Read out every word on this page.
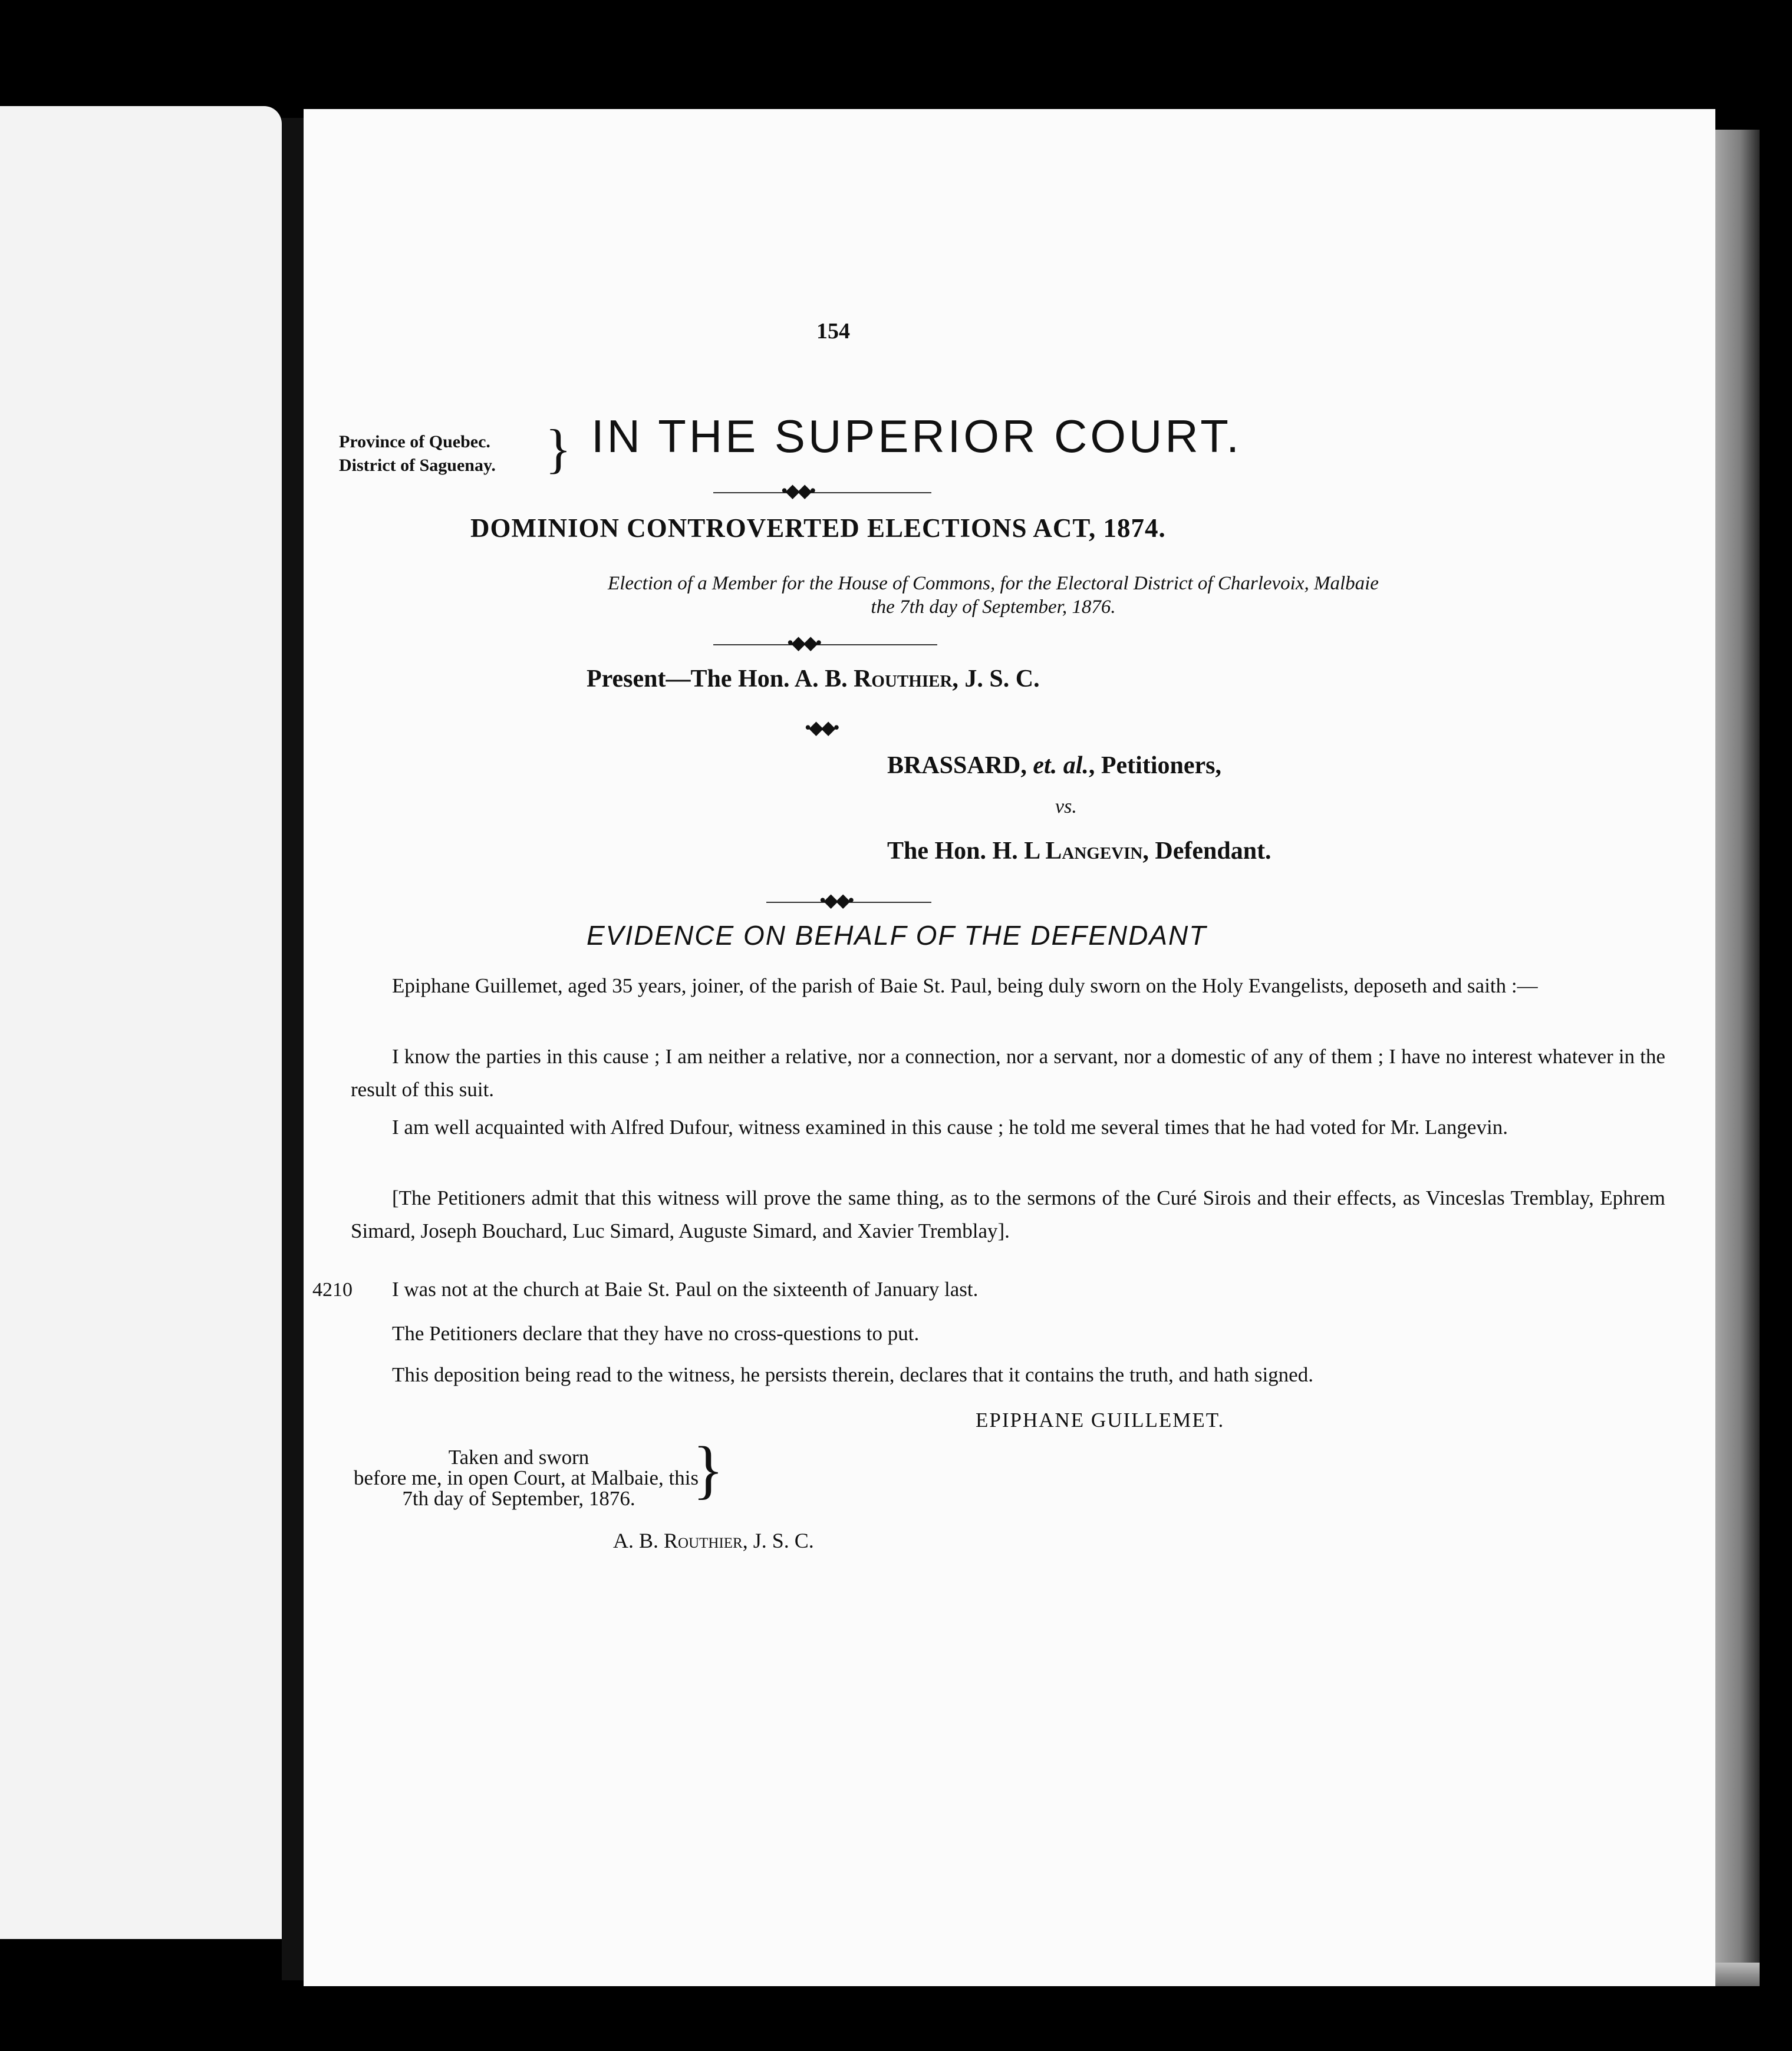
154
Province of Quebec.
District of Saguenay. } IN THE SUPERIOR COURT.
•◆◆•
DOMINION CONTROVERTED ELECTIONS ACT, 1874.
Election of a Member for the House of Commons, for the Electoral District of Charlevoix, Malbaie
the 7th day of September, 1876.
•◆◆•
Present—The Hon. A. B. Routhier, J. S. C.
•◆◆•
BRASSARD, et. al., Petitioners,
vs.
The Hon. H. L Langevin, Defendant.
•◆◆•
EVIDENCE ON BEHALF OF THE DEFENDANT
Epiphane Guillemet, aged 35 years, joiner, of the parish of Baie St. Paul, being duly sworn on the Holy Evangelists, deposeth and saith :—
I know the parties in this cause ; I am neither a relative, nor a connection, nor a servant, nor a domestic of any of them ; I have no interest whatever in the result of this suit.
I am well acquainted with Alfred Dufour, witness examined in this cause ; he told me several times that he had voted for Mr. Langevin.
[The Petitioners admit that this witness will prove the same thing, as to the sermons of the Curé Sirois and their effects, as Vinceslas Tremblay, Ephrem Simard, Joseph Bouchard, Luc Simard, Auguste Simard, and Xavier Tremblay].
4210	I was not at the church at Baie St. Paul on the sixteenth of January last.
The Petitioners declare that they have no cross-questions to put.
This deposition being read to the witness, he persists therein, declares that it contains the truth, and hath signed.
EPIPHANE GUILLEMET.
Taken and sworn
before me, in open Court, at Malbaie, this
7th day of September, 1876. }
A. B. Routhier, J. S. C.
